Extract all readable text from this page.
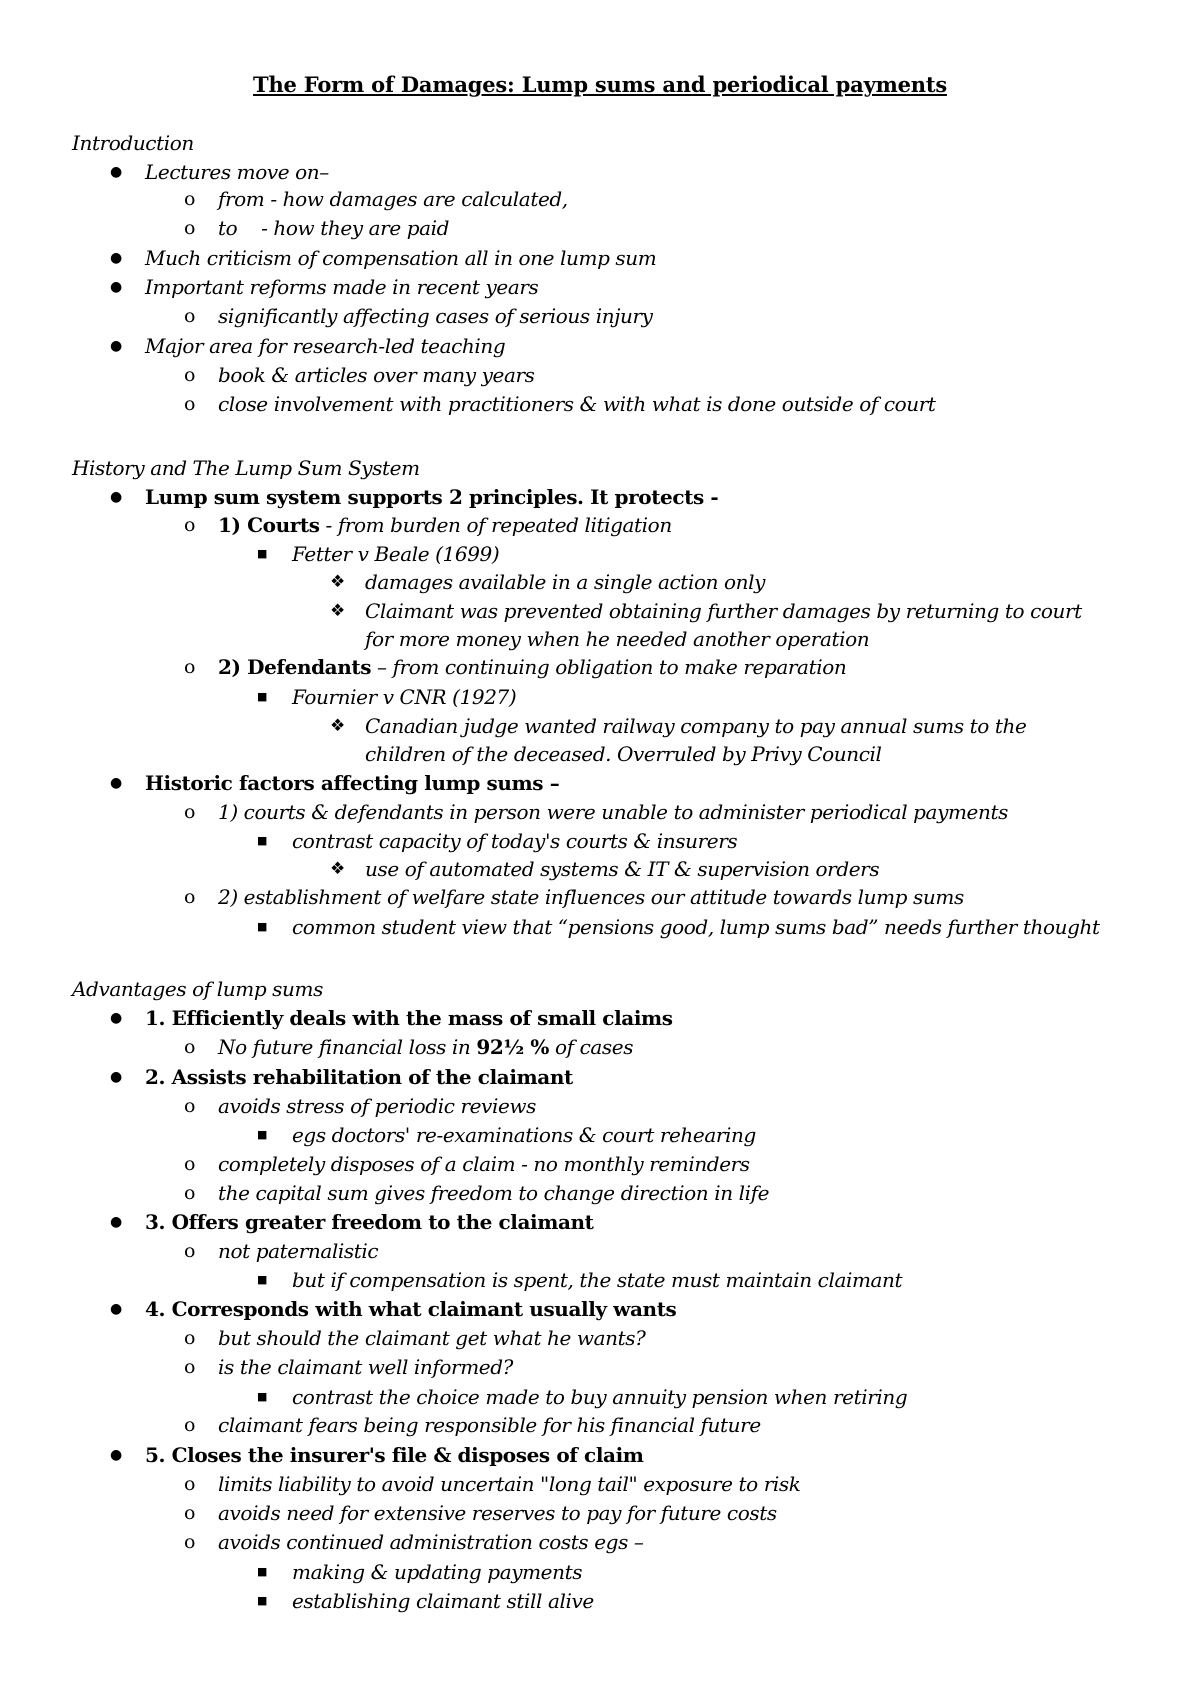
The Form of Damages: Lump sums and periodical payments
Introduction
● Lectures move on–
o from - how damages are calculated,
o to    - how they are paid
● Much criticism of compensation all in one lump sum
● Important reforms made in recent years
o significantly affecting cases of serious injury
● Major area for research-led teaching
o book & articles over many years
o close involvement with practitioners & with what is done outside of court
History and The Lump Sum System
● Lump sum system supports 2 principles. It protects -
o 1) Courts - from burden of repeated litigation
■ Fetter v Beale (1699)
❖ damages available in a single action only
❖ Claimant was prevented obtaining further damages by returning to court
for more money when he needed another operation
o 2) Defendants – from continuing obligation to make reparation
■ Fournier v CNR (1927)
❖ Canadian judge wanted railway company to pay annual sums to the
children of the deceased. Overruled by Privy Council
● Historic factors affecting lump sums –
o 1) courts & defendants in person were unable to administer periodical payments
■ contrast capacity of today's courts & insurers
❖ use of automated systems & IT & supervision orders
o 2) establishment of welfare state influences our attitude towards lump sums
■ common student view that “pensions good, lump sums bad” needs further thought
Advantages of lump sums
● 1. Efficiently deals with the mass of small claims
o No future financial loss in 92½ % of cases
● 2. Assists rehabilitation of the claimant
o avoids stress of periodic reviews
■ egs doctors' re-examinations & court rehearing
o completely disposes of a claim - no monthly reminders
o the capital sum gives freedom to change direction in life
● 3. Offers greater freedom to the claimant
o not paternalistic
■ but if compensation is spent, the state must maintain claimant
● 4. Corresponds with what claimant usually wants
o but should the claimant get what he wants?
o is the claimant well informed?
■ contrast the choice made to buy annuity pension when retiring
o claimant fears being responsible for his financial future
● 5. Closes the insurer's file & disposes of claim
o limits liability to avoid uncertain "long tail" exposure to risk
o avoids need for extensive reserves to pay for future costs
o avoids continued administration costs egs –
■ making & updating payments
■ establishing claimant still alive
